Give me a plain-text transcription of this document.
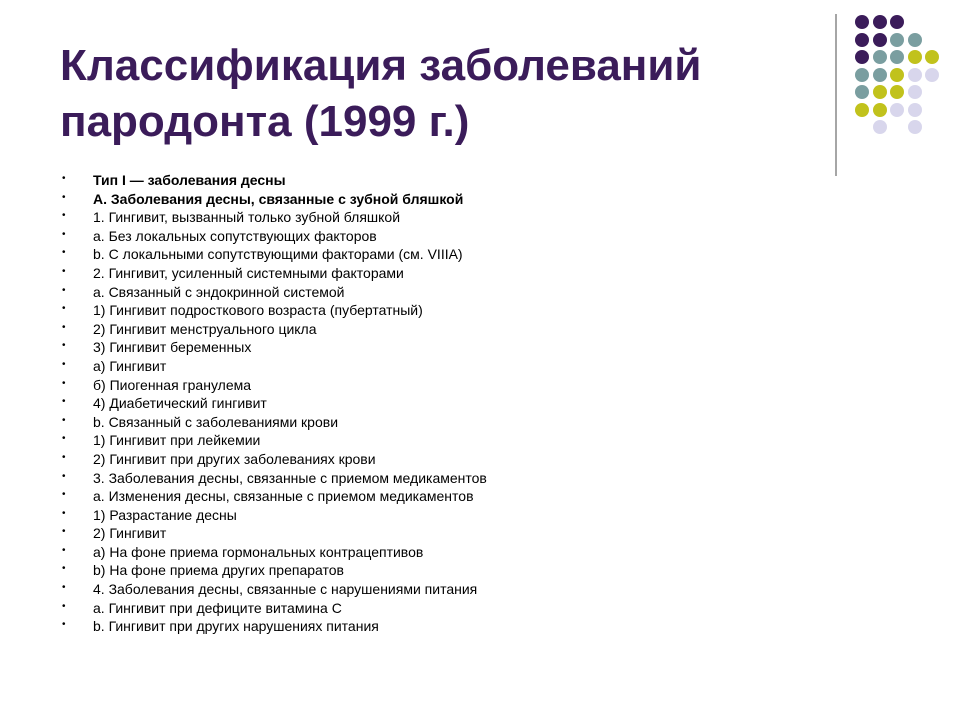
Классификация заболеваний пародонта (1999 г.)
• Тип I — заболевания десны
• А. Заболевания десны, связанные с зубной бляшкой
• 1. Гингивит, вызванный только зубной бляшкой
• а. Без локальных сопутствующих факторов
• b. С локальными сопутствующими факторами (см. VIIIA)
• 2. Гингивит, усиленный системными факторами
• а. Связанный с эндокринной системой
• 1) Гингивит подросткового возраста (пубертатный)
• 2) Гингивит менструального цикла
• 3) Гингивит беременных
• а) Гингивит
• б) Пиогенная гранулема
• 4) Диабетический гингивит
• b. Связанный с заболеваниями крови
• 1) Гингивит при лейкемии
• 2) Гингивит при других заболеваниях крови
• 3. Заболевания десны, связанные с приемом медикаментов
• а. Изменения десны, связанные с приемом медикаментов
• 1) Разрастание десны
• 2) Гингивит
• а) На фоне приема гормональных контрацептивов
• b) На фоне приема других препаратов
• 4. Заболевания десны, связанные с нарушениями питания
• а. Гингивит при дефиците витамина С
• b. Гингивит при других нарушениях питания
